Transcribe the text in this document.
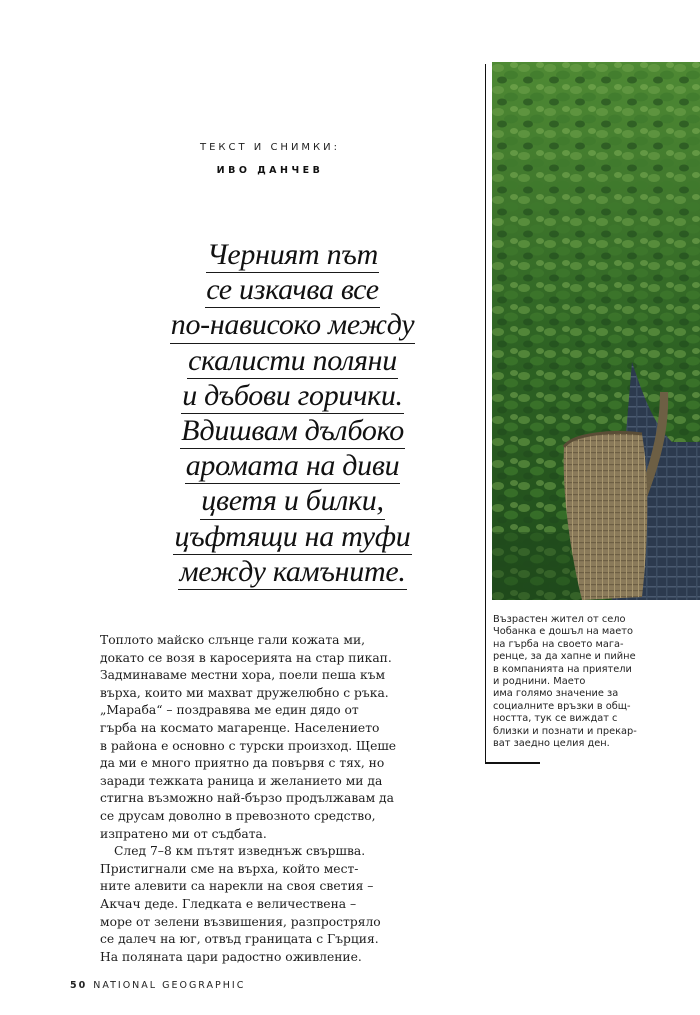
ТЕКСТ И СНИМКИ:
ИВО ДАНЧЕВ
Черният път
се изкачва все
по-нависоко между
скалисти поляни
и дъбови горички.
Вдишвам дълбоко
аромата на диви
цветя и билки,
цъфтящи на туфи
между камъните.

Топлото майско слънце гали кожата ми,
докато се возя в каросерията на стар пикап.
Задминаваме местни хора, поели пеша към
върха, които ми махват дружелюбно с ръка.
„Мараба“ – поздравява ме един дядо от
гърба на космато магаренце. Населението
в района е основно с турски произход. Щеше
да ми е много приятно да повървя с тях, но
заради тежката раница и желанието ми да
стигна възможно най-бързо продължавам да
се друсам доволно в превозното средство,
изпратено ми от съдбата.

След 7–8 км пътят изведнъж свършва.
Пристигнали сме на върха, който мест-
ните алевити са нарекли на своя светия –
Акчач деде. Гледката е величествена –
море от зелени възвишения, разпростряло
се далеч на юг, отвъд границата с Гърция.
На поляната цари радостно оживление.

50 NATIONAL GEOGRAPHIC
Възрастен жител от село
Чобанка е дошъл на маето
на гърба на своето мага-
ренце, за да хапне и пийне
в компанията на приятели
и роднини. Маето
има голямо значение за
социалните връзки в общ-
ността, тук се виждат с
близки и познати и прекар-
ват заедно целия ден.
